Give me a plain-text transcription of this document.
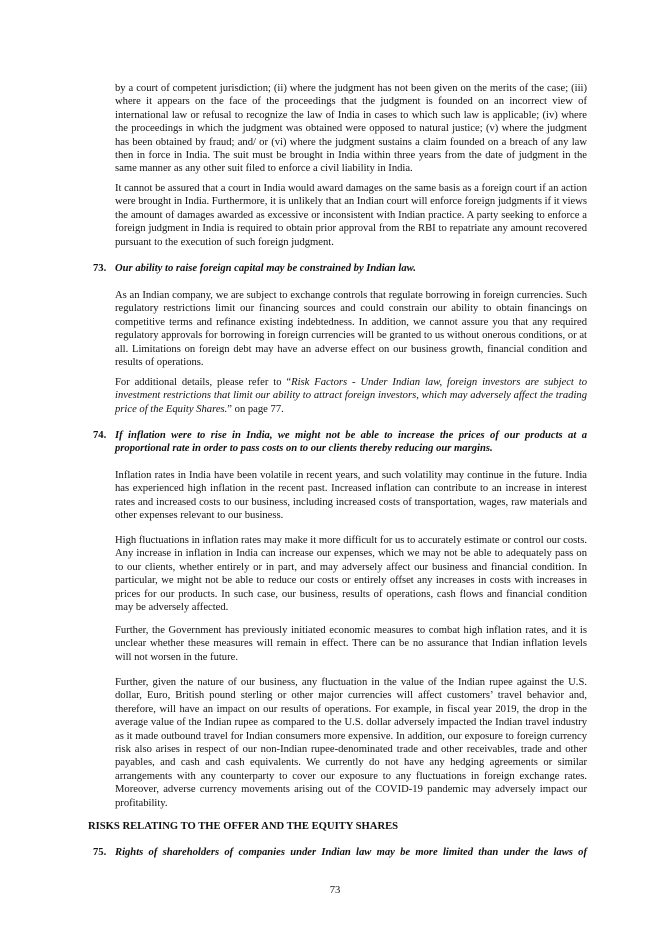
by a court of competent jurisdiction; (ii) where the judgment has not been given on the merits of the case; (iii) where it appears on the face of the proceedings that the judgment is founded on an incorrect view of international law or refusal to recognize the law of India in cases to which such law is applicable; (iv) where the proceedings in which the judgment was obtained were opposed to natural justice; (v) where the judgment has been obtained by fraud; and/ or (vi) where the judgment sustains a claim founded on a breach of any law then in force in India. The suit must be brought in India within three years from the date of judgment in the same manner as any other suit filed to enforce a civil liability in India.

It cannot be assured that a court in India would award damages on the same basis as a foreign court if an action were brought in India. Furthermore, it is unlikely that an Indian court will enforce foreign judgments if it views the amount of damages awarded as excessive or inconsistent with Indian practice. A party seeking to enforce a foreign judgment in India is required to obtain prior approval from the RBI to repatriate any amount recovered pursuant to the execution of such foreign judgment.

73. Our ability to raise foreign capital may be constrained by Indian law.

As an Indian company, we are subject to exchange controls that regulate borrowing in foreign currencies. Such regulatory restrictions limit our financing sources and could constrain our ability to obtain financings on competitive terms and refinance existing indebtedness. In addition, we cannot assure you that any required regulatory approvals for borrowing in foreign currencies will be granted to us without onerous conditions, or at all. Limitations on foreign debt may have an adverse effect on our business growth, financial condition and results of operations.

For additional details, please refer to “Risk Factors - Under Indian law, foreign investors are subject to investment restrictions that limit our ability to attract foreign investors, which may adversely affect the trading price of the Equity Shares.” on page 77.

74. If inflation were to rise in India, we might not be able to increase the prices of our products at a proportional rate in order to pass costs on to our clients thereby reducing our margins.

Inflation rates in India have been volatile in recent years, and such volatility may continue in the future. India has experienced high inflation in the recent past. Increased inflation can contribute to an increase in interest rates and increased costs to our business, including increased costs of transportation, wages, raw materials and other expenses relevant to our business.

High fluctuations in inflation rates may make it more difficult for us to accurately estimate or control our costs. Any increase in inflation in India can increase our expenses, which we may not be able to adequately pass on to our clients, whether entirely or in part, and may adversely affect our business and financial condition. In particular, we might not be able to reduce our costs or entirely offset any increases in costs with increases in prices for our products. In such case, our business, results of operations, cash flows and financial condition may be adversely affected.

Further, the Government has previously initiated economic measures to combat high inflation rates, and it is unclear whether these measures will remain in effect. There can be no assurance that Indian inflation levels will not worsen in the future.

Further, given the nature of our business, any fluctuation in the value of the Indian rupee against the U.S. dollar, Euro, British pound sterling or other major currencies will affect customers’ travel behavior and, therefore, will have an impact on our results of operations. For example, in fiscal year 2019, the drop in the average value of the Indian rupee as compared to the U.S. dollar adversely impacted the Indian travel industry as it made outbound travel for Indian consumers more expensive. In addition, our exposure to foreign currency risk also arises in respect of our non-Indian rupee-denominated trade and other receivables, trade and other payables, and cash and cash equivalents. We currently do not have any hedging agreements or similar arrangements with any counterparty to cover our exposure to any fluctuations in foreign exchange rates. Moreover, adverse currency movements arising out of the COVID-19 pandemic may adversely impact our profitability.

RISKS RELATING TO THE OFFER AND THE EQUITY SHARES
75. Rights of shareholders of companies under Indian law may be more limited than under the laws of

73
